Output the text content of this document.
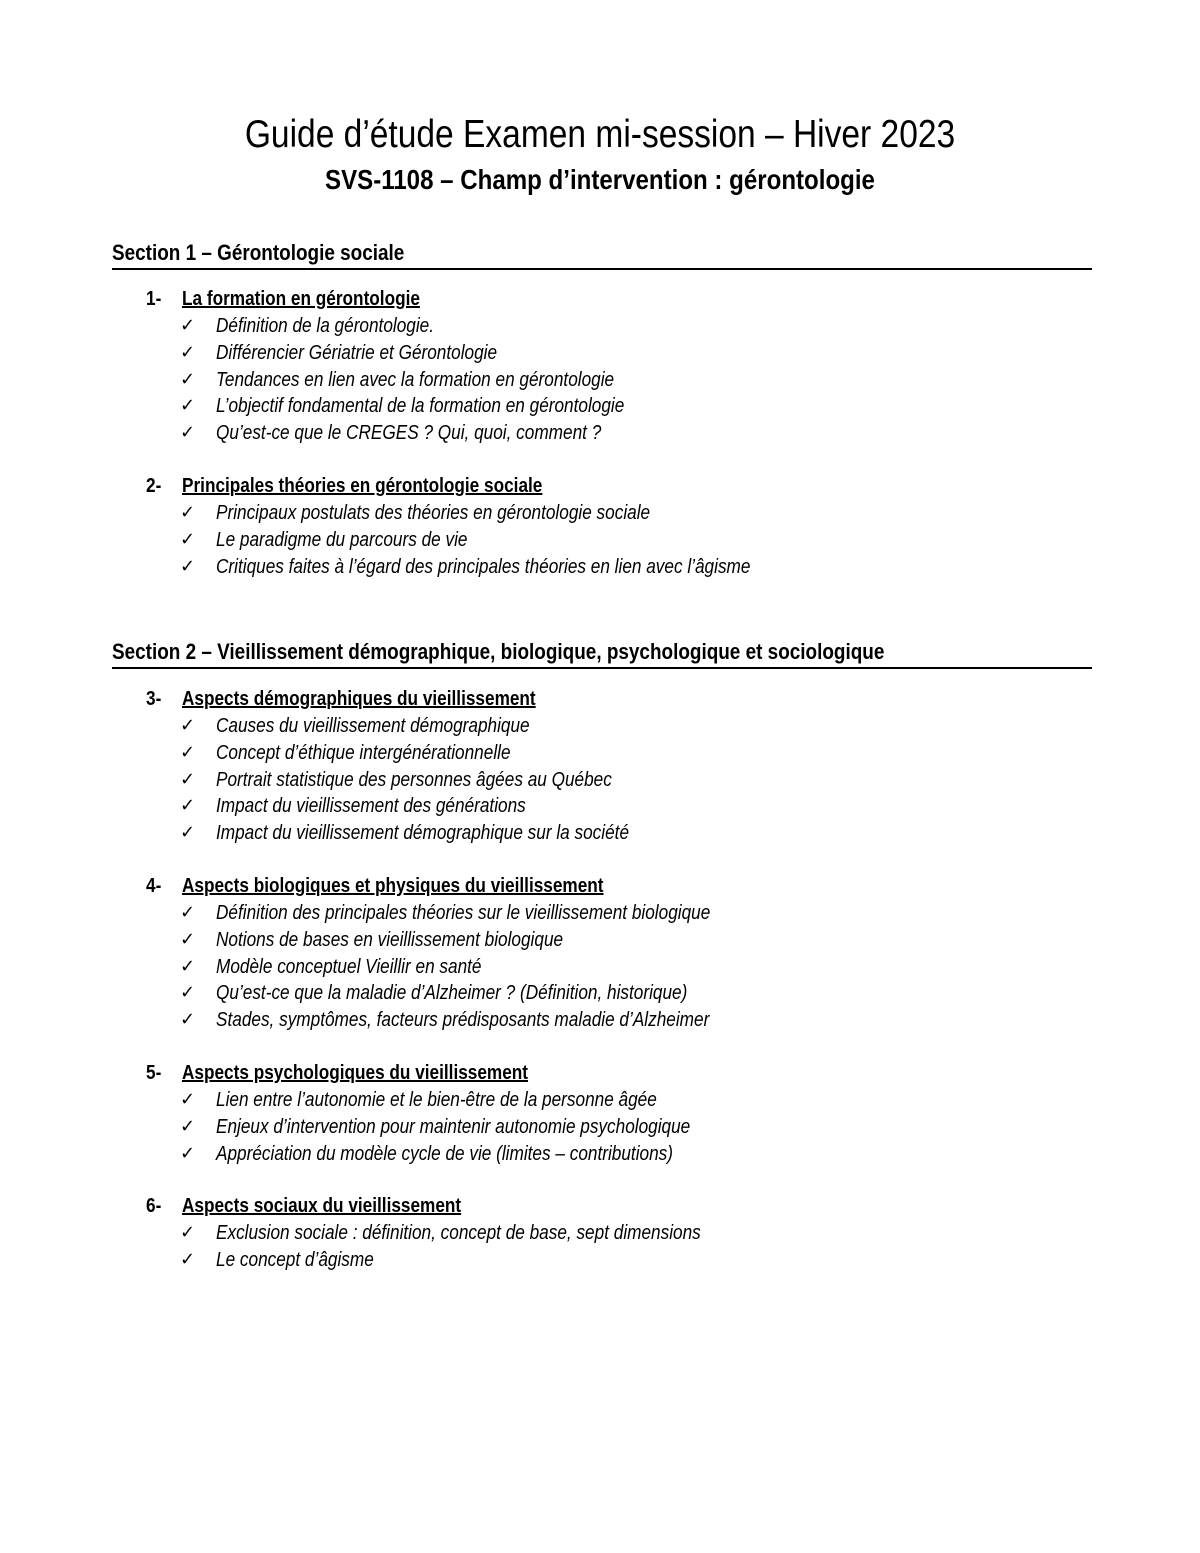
Guide d’étude Examen mi-session – Hiver 2023
SVS-1108 – Champ d’intervention : gérontologie
Section 1 – Gérontologie sociale
1- La formation en gérontologie
✓ Définition de la gérontologie.
✓ Différencier Gériatrie et Gérontologie
✓ Tendances en lien avec la formation en gérontologie
✓ L’objectif fondamental de la formation en gérontologie
✓ Qu’est-ce que le CREGES ? Qui, quoi, comment ?
2- Principales théories en gérontologie sociale
✓ Principaux postulats des théories en gérontologie sociale
✓ Le paradigme du parcours de vie
✓ Critiques faites à l’égard des principales théories en lien avec l’âgisme
Section 2 – Vieillissement démographique, biologique, psychologique et sociologique
3- Aspects démographiques du vieillissement
✓ Causes du vieillissement démographique
✓ Concept d’éthique intergénérationnelle
✓ Portrait statistique des personnes âgées au Québec
✓ Impact du vieillissement des générations
✓ Impact du vieillissement démographique sur la société
4- Aspects biologiques et physiques du vieillissement
✓ Définition des principales théories sur le vieillissement biologique
✓ Notions de bases en vieillissement biologique
✓ Modèle conceptuel Vieillir en santé
✓ Qu’est-ce que la maladie d’Alzheimer ? (Définition, historique)
✓ Stades, symptômes, facteurs prédisposants maladie d’Alzheimer
5- Aspects psychologiques du vieillissement
✓ Lien entre l’autonomie et le bien-être de la personne âgée
✓ Enjeux d’intervention pour maintenir autonomie psychologique
✓ Appréciation du modèle cycle de vie (limites – contributions)
6- Aspects sociaux du vieillissement
✓ Exclusion sociale : définition, concept de base, sept dimensions
✓ Le concept d’âgisme
